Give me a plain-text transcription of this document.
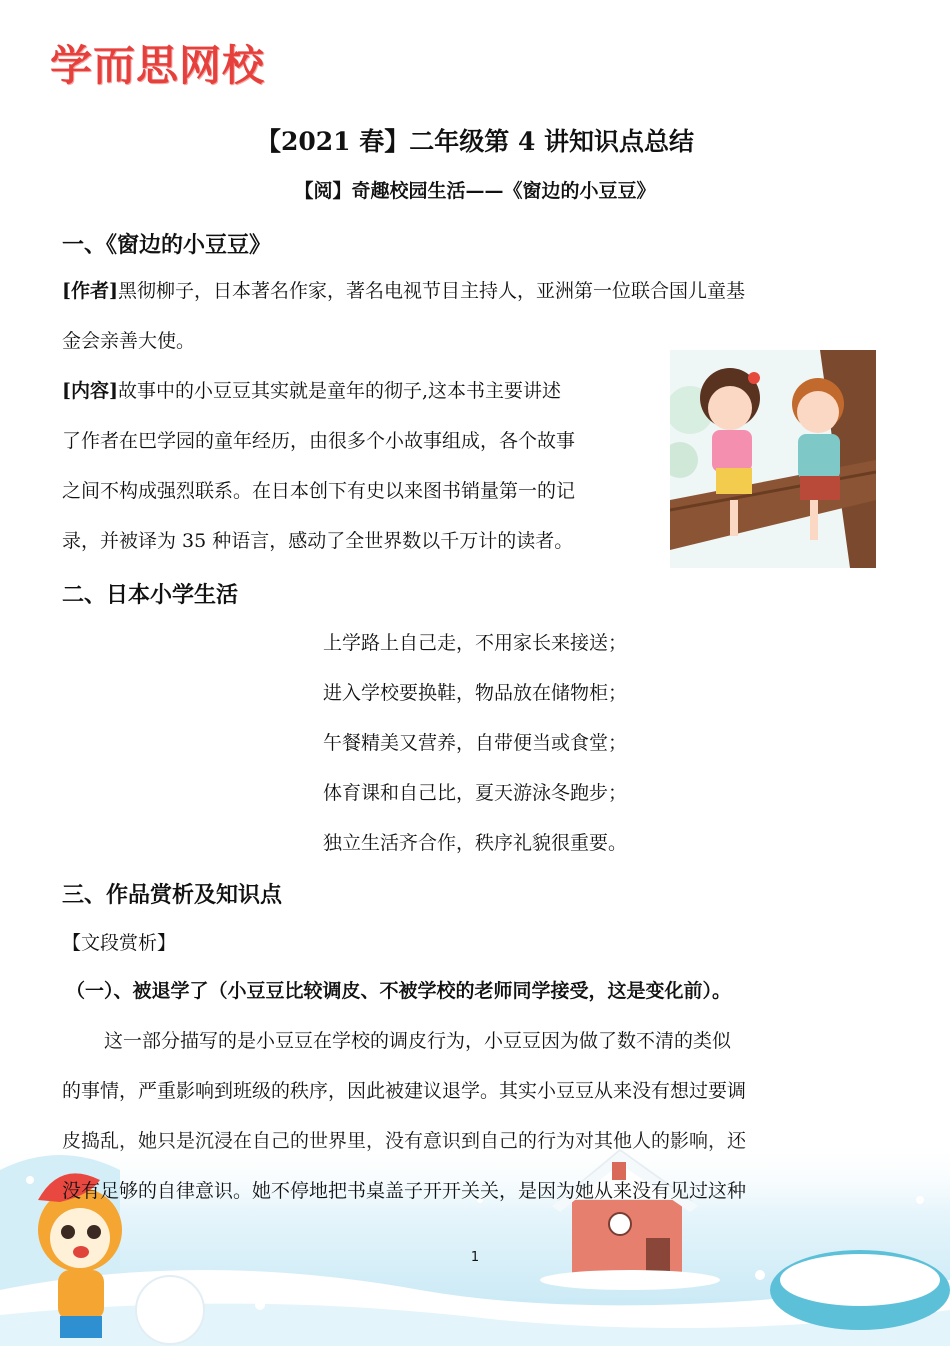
学而思网校
【2021 春】二年级第 4 讲知识点总结
【阅】奇趣校园生活——《窗边的小豆豆》
一、《窗边的小豆豆》
[作者]黑彻柳子，日本著名作家，著名电视节目主持人，亚洲第一位联合国儿童基
金会亲善大使。
[内容]故事中的小豆豆其实就是童年的彻子,这本书主要讲述
了作者在巴学园的童年经历，由很多个小故事组成，各个故事
之间不构成强烈联系。在日本创下有史以来图书销量第一的记
录，并被译为 35 种语言，感动了全世界数以千万计的读者。
二、日本小学生活
上学路上自己走，不用家长来接送；
进入学校要换鞋，物品放在储物柜；
午餐精美又营养，自带便当或食堂；
体育课和自己比，夏天游泳冬跑步；
独立生活齐合作，秩序礼貌很重要。
三、作品赏析及知识点
【文段赏析】
（一）、被退学了（小豆豆比较调皮、不被学校的老师同学接受，这是变化前）。
这一部分描写的是小豆豆在学校的调皮行为，小豆豆因为做了数不清的类似
的事情，严重影响到班级的秩序，因此被建议退学。其实小豆豆从来没有想过要调
没有足够的自律意识。她不停地把书桌盖子开开关关，是因为她从来没有见过这种
1
